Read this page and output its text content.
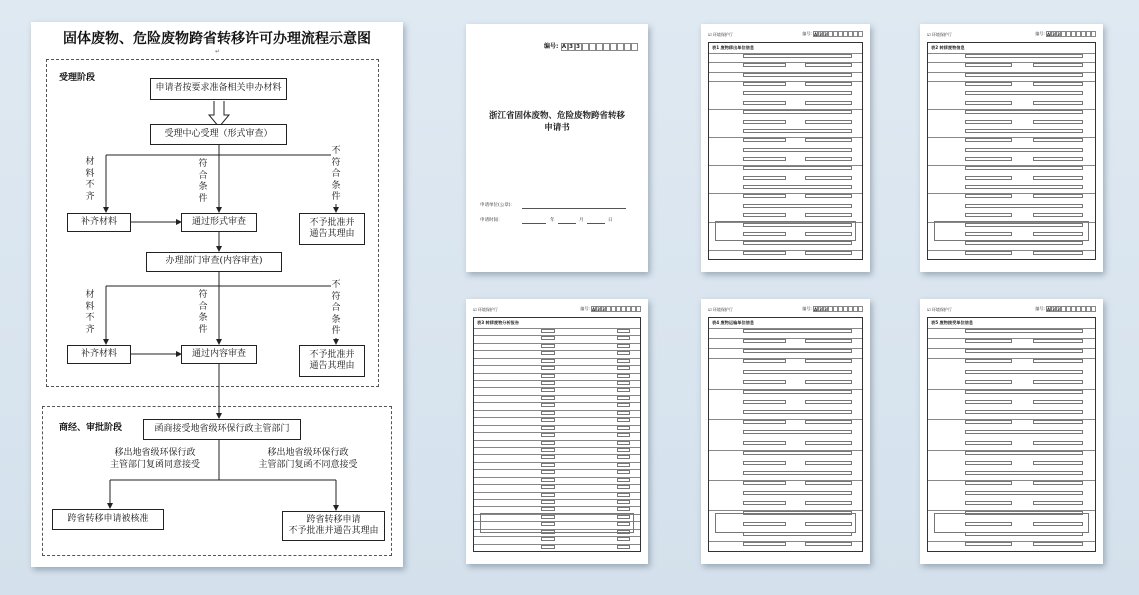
固体废物、危险废物跨省转移许可办理流程示意图
↵
受理阶段
商经、审批阶段
申请者按要求准备相关申办材料
受理中心受理（形式审查）
材
料
不
齐
符
合
条
件
不
符
合
条
件
补齐材料	通过形式审查	不予批准并
通告其理由
办理部门审查(内容审查)
材
料
不
齐
符
合
条
件
不
符
合
条
件
补齐材料	通过内容审查	不予批准并
通告其理由
函商接受地省级环保行政主管部门
移出地省级环保行政
主管部门复函同意接受
移出地省级环保行政
主管部门复函不同意接受
跨省转移申请被核准	跨省转移申请
不予批准并通告其理由
编号: A 3 3
浙江省固体废物、危险废物跨省转移
申请书
申请单位(公章)：
申请时间：	年	月	日
☑ 环境保护厅	编号: A 3 3
表1 废物移出单位信息
☑ 环境保护厅	编号: A 3 3
表2 转移废物信息
☑ 环境保护厅	编号: A 3 3
表3 转移废物分析报告
☑ 环境保护厅	编号: A 3 3
表4 废物运输单位信息
☑ 环境保护厅	编号: A 3 3
表5 废物接受单位信息
